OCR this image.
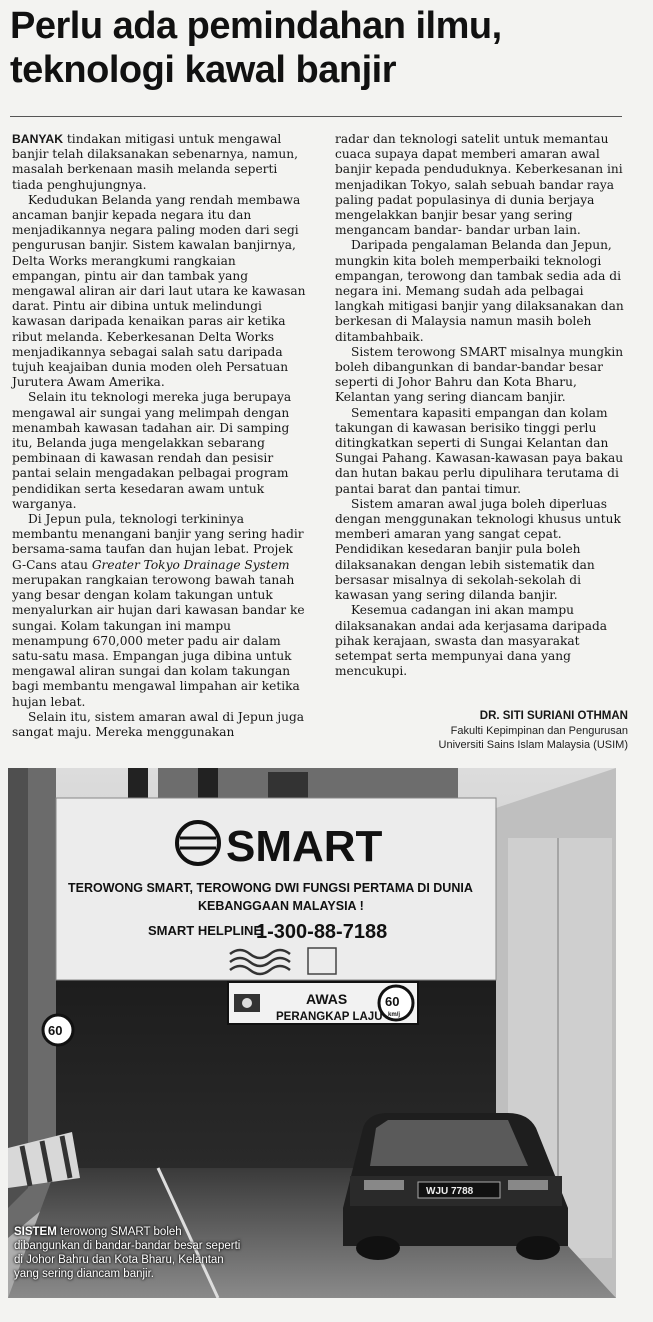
Perlu ada pemindahan ilmu,
teknologi kawal banjir

BANYAK tindakan mitigasi untuk mengawal banjir telah dilaksanakan sebenarnya, namun, masalah berkenaan masih melanda seperti tiada penghujungnya.

Kedudukan Belanda yang rendah membawa ancaman banjir kepada negara itu dan menjadikannya negara paling moden dari segi pengurusan banjir. Sistem kawalan banjirnya, Delta Works merangkumi rangkaian empangan, pintu air dan tambak yang mengawal aliran air dari laut utara ke kawasan darat. Pintu air dibina untuk melindungi kawasan daripada kenaikan paras air ketika ribut melanda. Keberkesanan Delta Works menjadikannya sebagai salah satu daripada tujuh keajaiban dunia moden oleh Persatuan Jurutera Awam Amerika.

Selain itu teknologi mereka juga berupaya mengawal air sungai yang melimpah dengan menambah kawasan tadahan air. Di samping itu, Belanda juga mengelakkan sebarang pembinaan di kawasan rendah dan pesisir pantai selain mengadakan pelbagai program pendidikan serta kesedaran awam untuk warganya.

Di Jepun pula, teknologi terkininya membantu menangani banjir yang sering hadir bersama-sama taufan dan hujan lebat. Projek G-Cans atau Greater Tokyo Drainage System merupakan rangkaian terowong bawah tanah yang besar dengan kolam takungan untuk menyalurkan air hujan dari kawasan bandar ke sungai. Kolam takungan ini mampu menampung 670,000 meter padu air dalam satu-satu masa. Empangan juga dibina untuk mengawal aliran sungai dan kolam takungan bagi membantu mengawal limpahan air ketika hujan lebat.

Selain itu, sistem amaran awal di Jepun juga sangat maju. Mereka menggunakan

radar dan teknologi satelit untuk memantau cuaca supaya dapat memberi amaran awal banjir kepada penduduknya. Keberkesanan ini menjadikan Tokyo, salah sebuah bandar raya paling padat populasinya di dunia berjaya mengelakkan banjir besar yang sering mengancam bandar- bandar urban lain.

Daripada pengalaman Belanda dan Jepun, mungkin kita boleh memperbaiki teknologi empangan, terowong dan tambak sedia ada di negara ini. Memang sudah ada pelbagai langkah mitigasi banjir yang dilaksanakan dan berkesan di Malaysia namun masih boleh ditambahbaik.

Sistem terowong SMART misalnya mungkin boleh dibangunkan di bandar-bandar besar seperti di Johor Bahru dan Kota Bharu, Kelantan yang sering diancam banjir.

Sementara kapasiti empangan dan kolam takungan di kawasan berisiko tinggi perlu ditingkatkan seperti di Sungai Kelantan dan Sungai Pahang. Kawasan-kawasan paya bakau dan hutan bakau perlu dipulihara terutama di pantai barat dan pantai timur.

Sistem amaran awal juga boleh diperluas dengan menggunakan teknologi khusus untuk memberi amaran yang sangat cepat. Pendidikan kesedaran banjir pula boleh dilaksanakan dengan lebih sistematik dan bersasar misalnya di sekolah-sekolah di kawasan yang sering dilanda banjir.

Kesemua cadangan ini akan mampu dilaksanakan andai ada kerjasama daripada pihak kerajaan, swasta dan masyarakat setempat serta mempunyai dana yang mencukupi.

DR. SITI SURIANI OTHMAN
Fakulti Kepimpinan dan Pengurusan
Universiti Sains Islam Malaysia (USIM)
SMART
TEROWONG SMART, TEROWONG DWI FUNGSI PERTAMA DI DUNIA
KEBANGGAAN MALAYSIA !
SMART HELPLINE
1-300-88-7188
AWAS
PERANGKAP LAJU
60
km/j
60
WJU 7788
SISTEM terowong SMART boleh dibangunkan di bandar-bandar besar seperti di Johor Bahru dan Kota Bharu, Kelantan yang sering diancam banjir.
